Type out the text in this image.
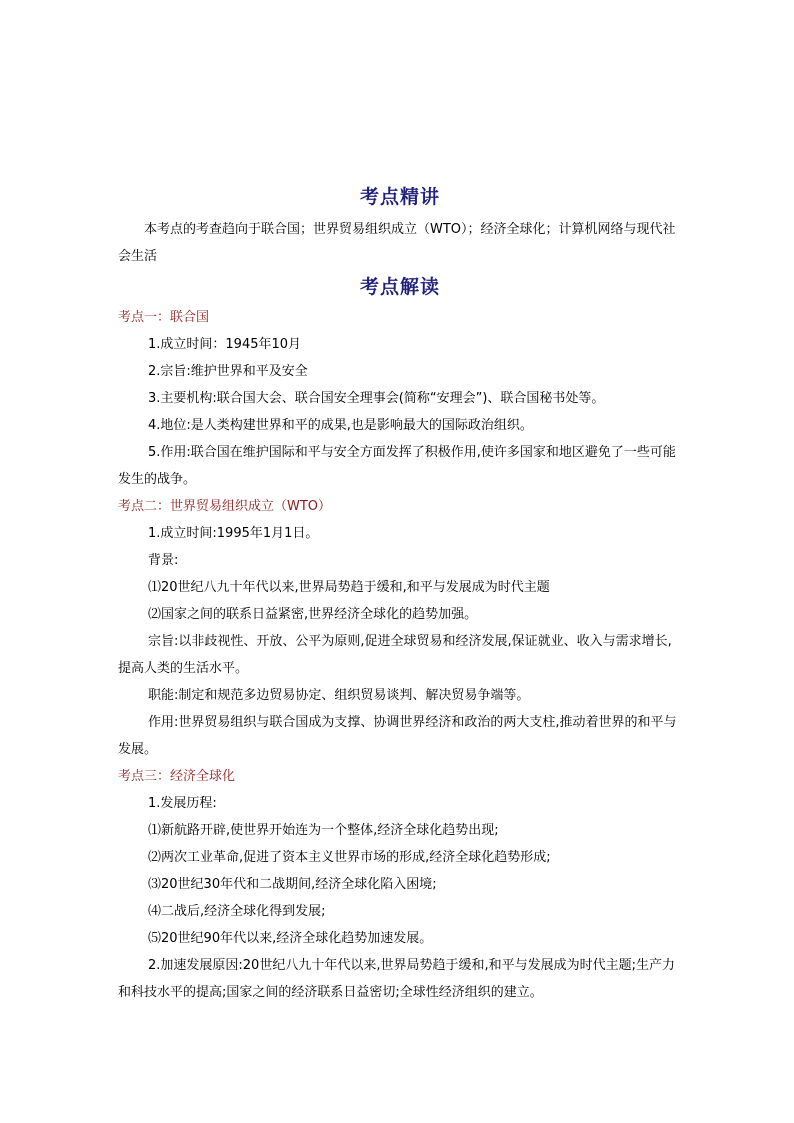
考点精讲

本考点的考查趋向于联合国；世界贸易组织成立（WTO）；经济全球化；计算机网络与现代社会生活

考点解读

考点一：联合国

1.成立时间：1945年10月

2.宗旨:维护世界和平及安全

3.主要机构:联合国大会、联合国安全理事会(简称“安理会”)、联合国秘书处等。

4.地位:是人类构建世界和平的成果,也是影响最大的国际政治组织。

5.作用:联合国在维护国际和平与安全方面发挥了积极作用,使许多国家和地区避免了一些可能发生的战争。

考点二：世界贸易组织成立（WTO）

1.成立时间:1995年1月1日。

背景:

⑴20世纪八九十年代以来,世界局势趋于缓和,和平与发展成为时代主题

⑵国家之间的联系日益紧密,世界经济全球化的趋势加强。

宗旨:以非歧视性、开放、公平为原则,促进全球贸易和经济发展,保证就业、收入与需求增长,提高人类的生活水平。

职能:制定和规范多边贸易协定、组织贸易谈判、解决贸易争端等。

作用:世界贸易组织与联合国成为支撑、协调世界经济和政治的两大支柱,推动着世界的和平与发展。

考点三：经济全球化

1.发展历程:

⑴新航路开辟,使世界开始连为一个整体,经济全球化趋势出现;

⑵两次工业革命,促进了资本主义世界市场的形成,经济全球化趋势形成;

⑶20世纪30年代和二战期间,经济全球化陷入困境;

⑷二战后,经济全球化得到发展;

⑸20世纪90年代以来,经济全球化趋势加速发展。

2.加速发展原因:20世纪八九十年代以来,世界局势趋于缓和,和平与发展成为时代主题;生产力和科技水平的提高;国家之间的经济联系日益密切;全球性经济组织的建立。
